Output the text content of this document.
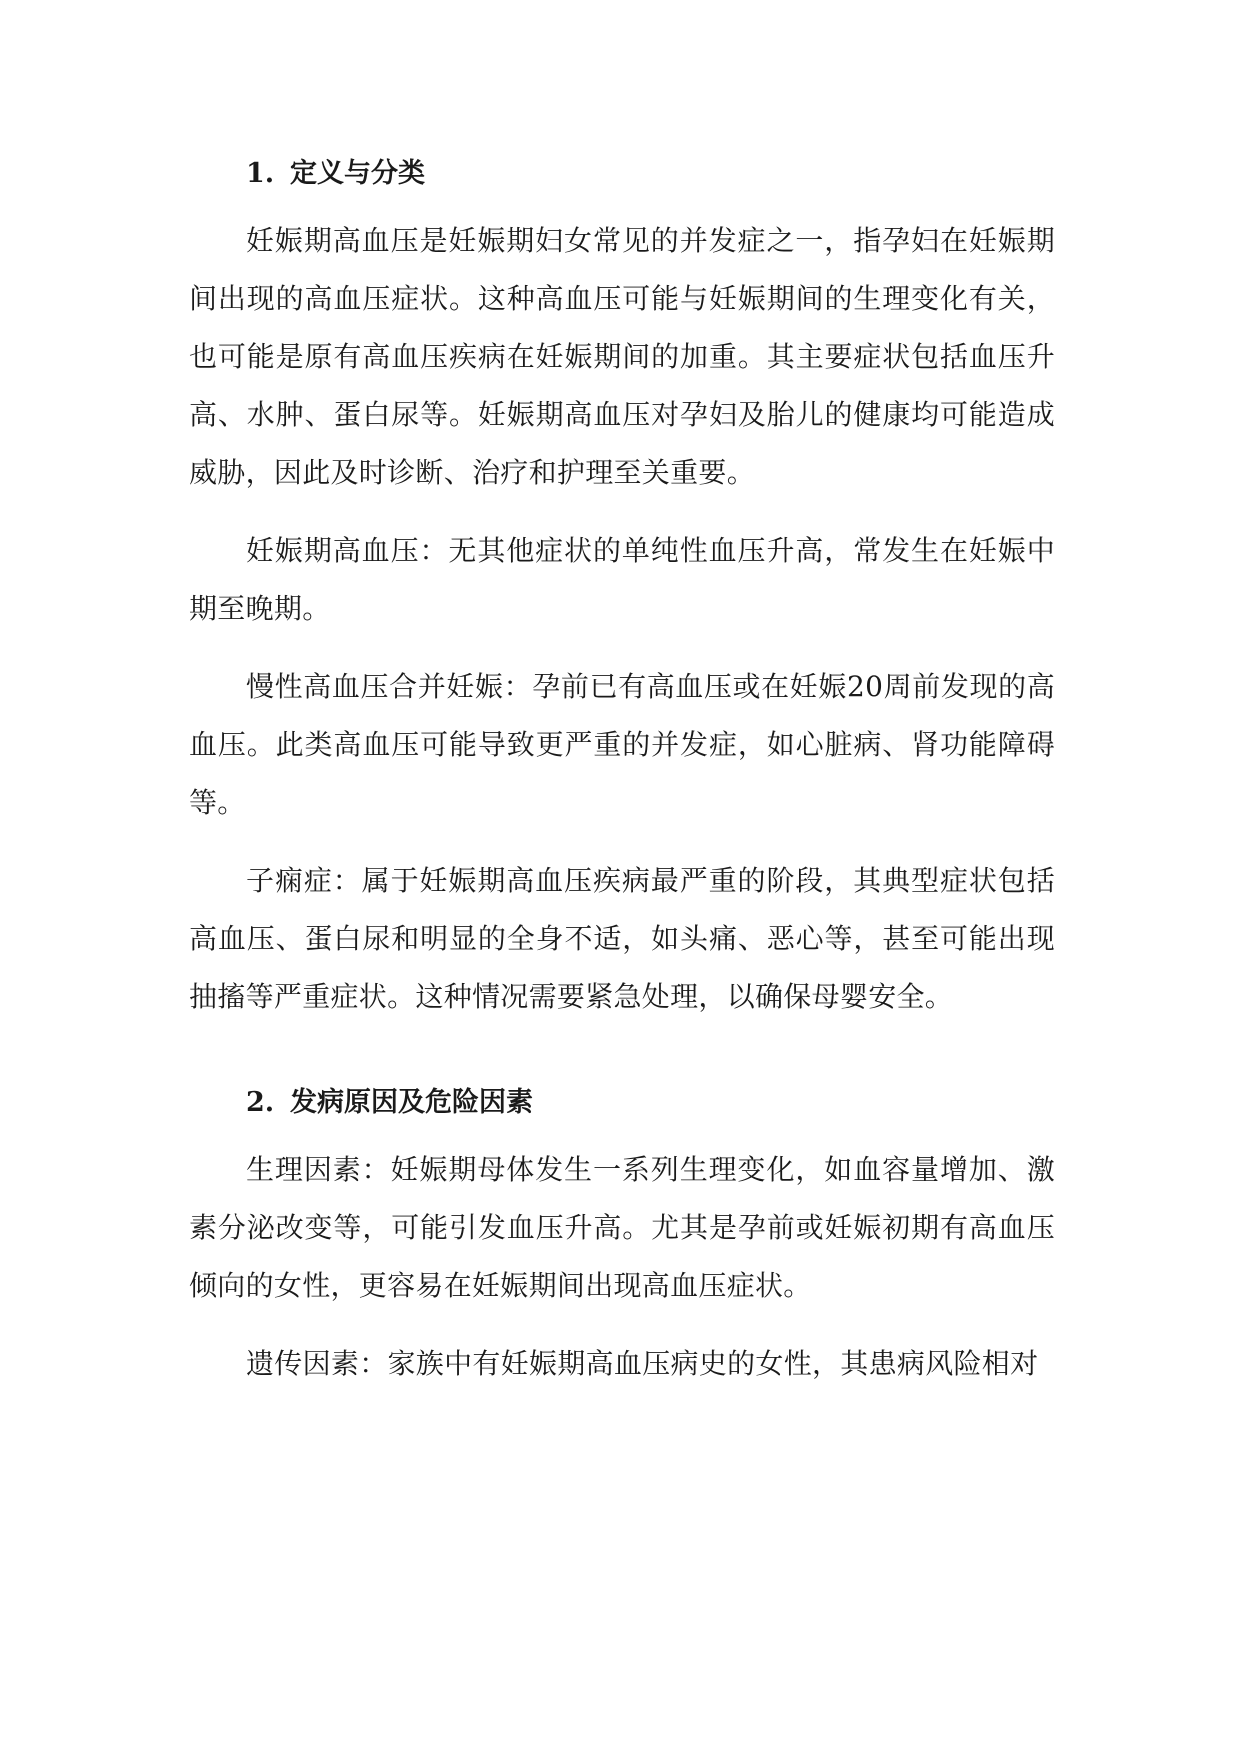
1. 定义与分类

妊娠期高血压是妊娠期妇女常见的并发症之一，指孕妇在妊娠期间出现的高血压症状。这种高血压可能与妊娠期间的生理变化有关，也可能是原有高血压疾病在妊娠期间的加重。其主要症状包括血压升高、水肿、蛋白尿等。妊娠期高血压对孕妇及胎儿的健康均可能造成威胁，因此及时诊断、治疗和护理至关重要。

妊娠期高血压：无其他症状的单纯性血压升高，常发生在妊娠中期至晚期。

慢性高血压合并妊娠：孕前已有高血压或在妊娠20周前发现的高血压。此类高血压可能导致更严重的并发症，如心脏病、肾功能障碍等。

子痫症：属于妊娠期高血压疾病最严重的阶段，其典型症状包括高血压、蛋白尿和明显的全身不适，如头痛、恶心等，甚至可能出现抽搐等严重症状。这种情况需要紧急处理，以确保母婴安全。

2. 发病原因及危险因素

生理因素：妊娠期母体发生一系列生理变化，如血容量增加、激素分泌改变等，可能引发血压升高。尤其是孕前或妊娠初期有高血压倾向的女性，更容易在妊娠期间出现高血压症状。

遗传因素：家族中有妊娠期高血压病史的女性，其患病风险相对
